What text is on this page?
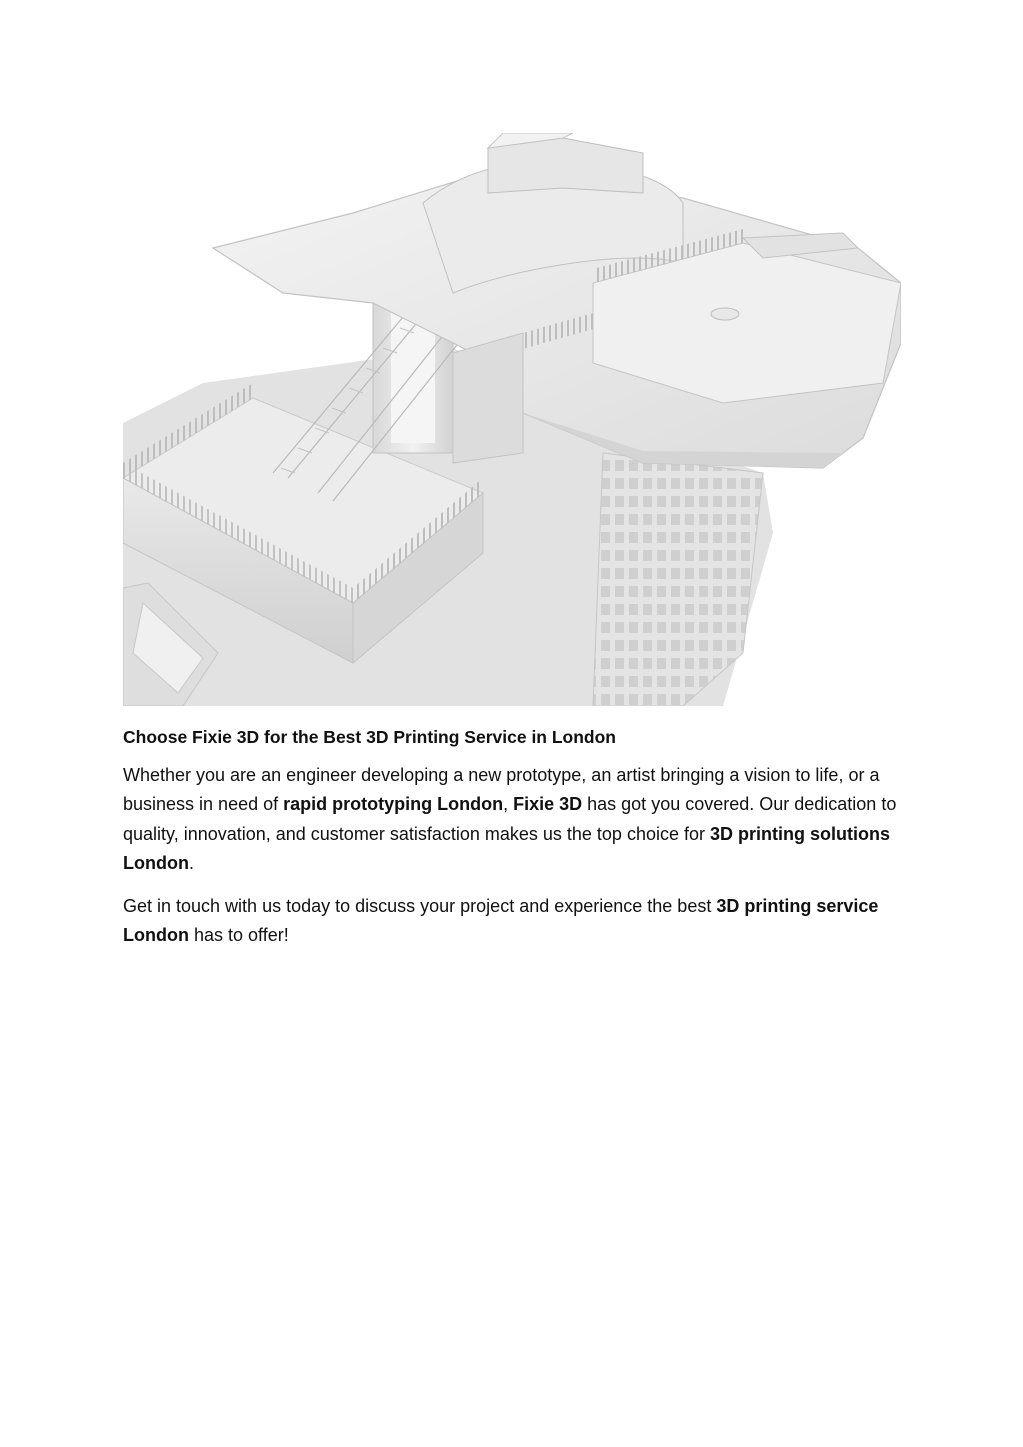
Choose Fixie 3D for the Best 3D Printing Service in London

Whether you are an engineer developing a new prototype, an artist bringing a vision to life, or a business in need of rapid prototyping London, Fixie 3D has got you covered. Our dedication to quality, innovation, and customer satisfaction makes us the top choice for 3D printing solutions London.

Get in touch with us today to discuss your project and experience the best 3D printing service London has to offer!
